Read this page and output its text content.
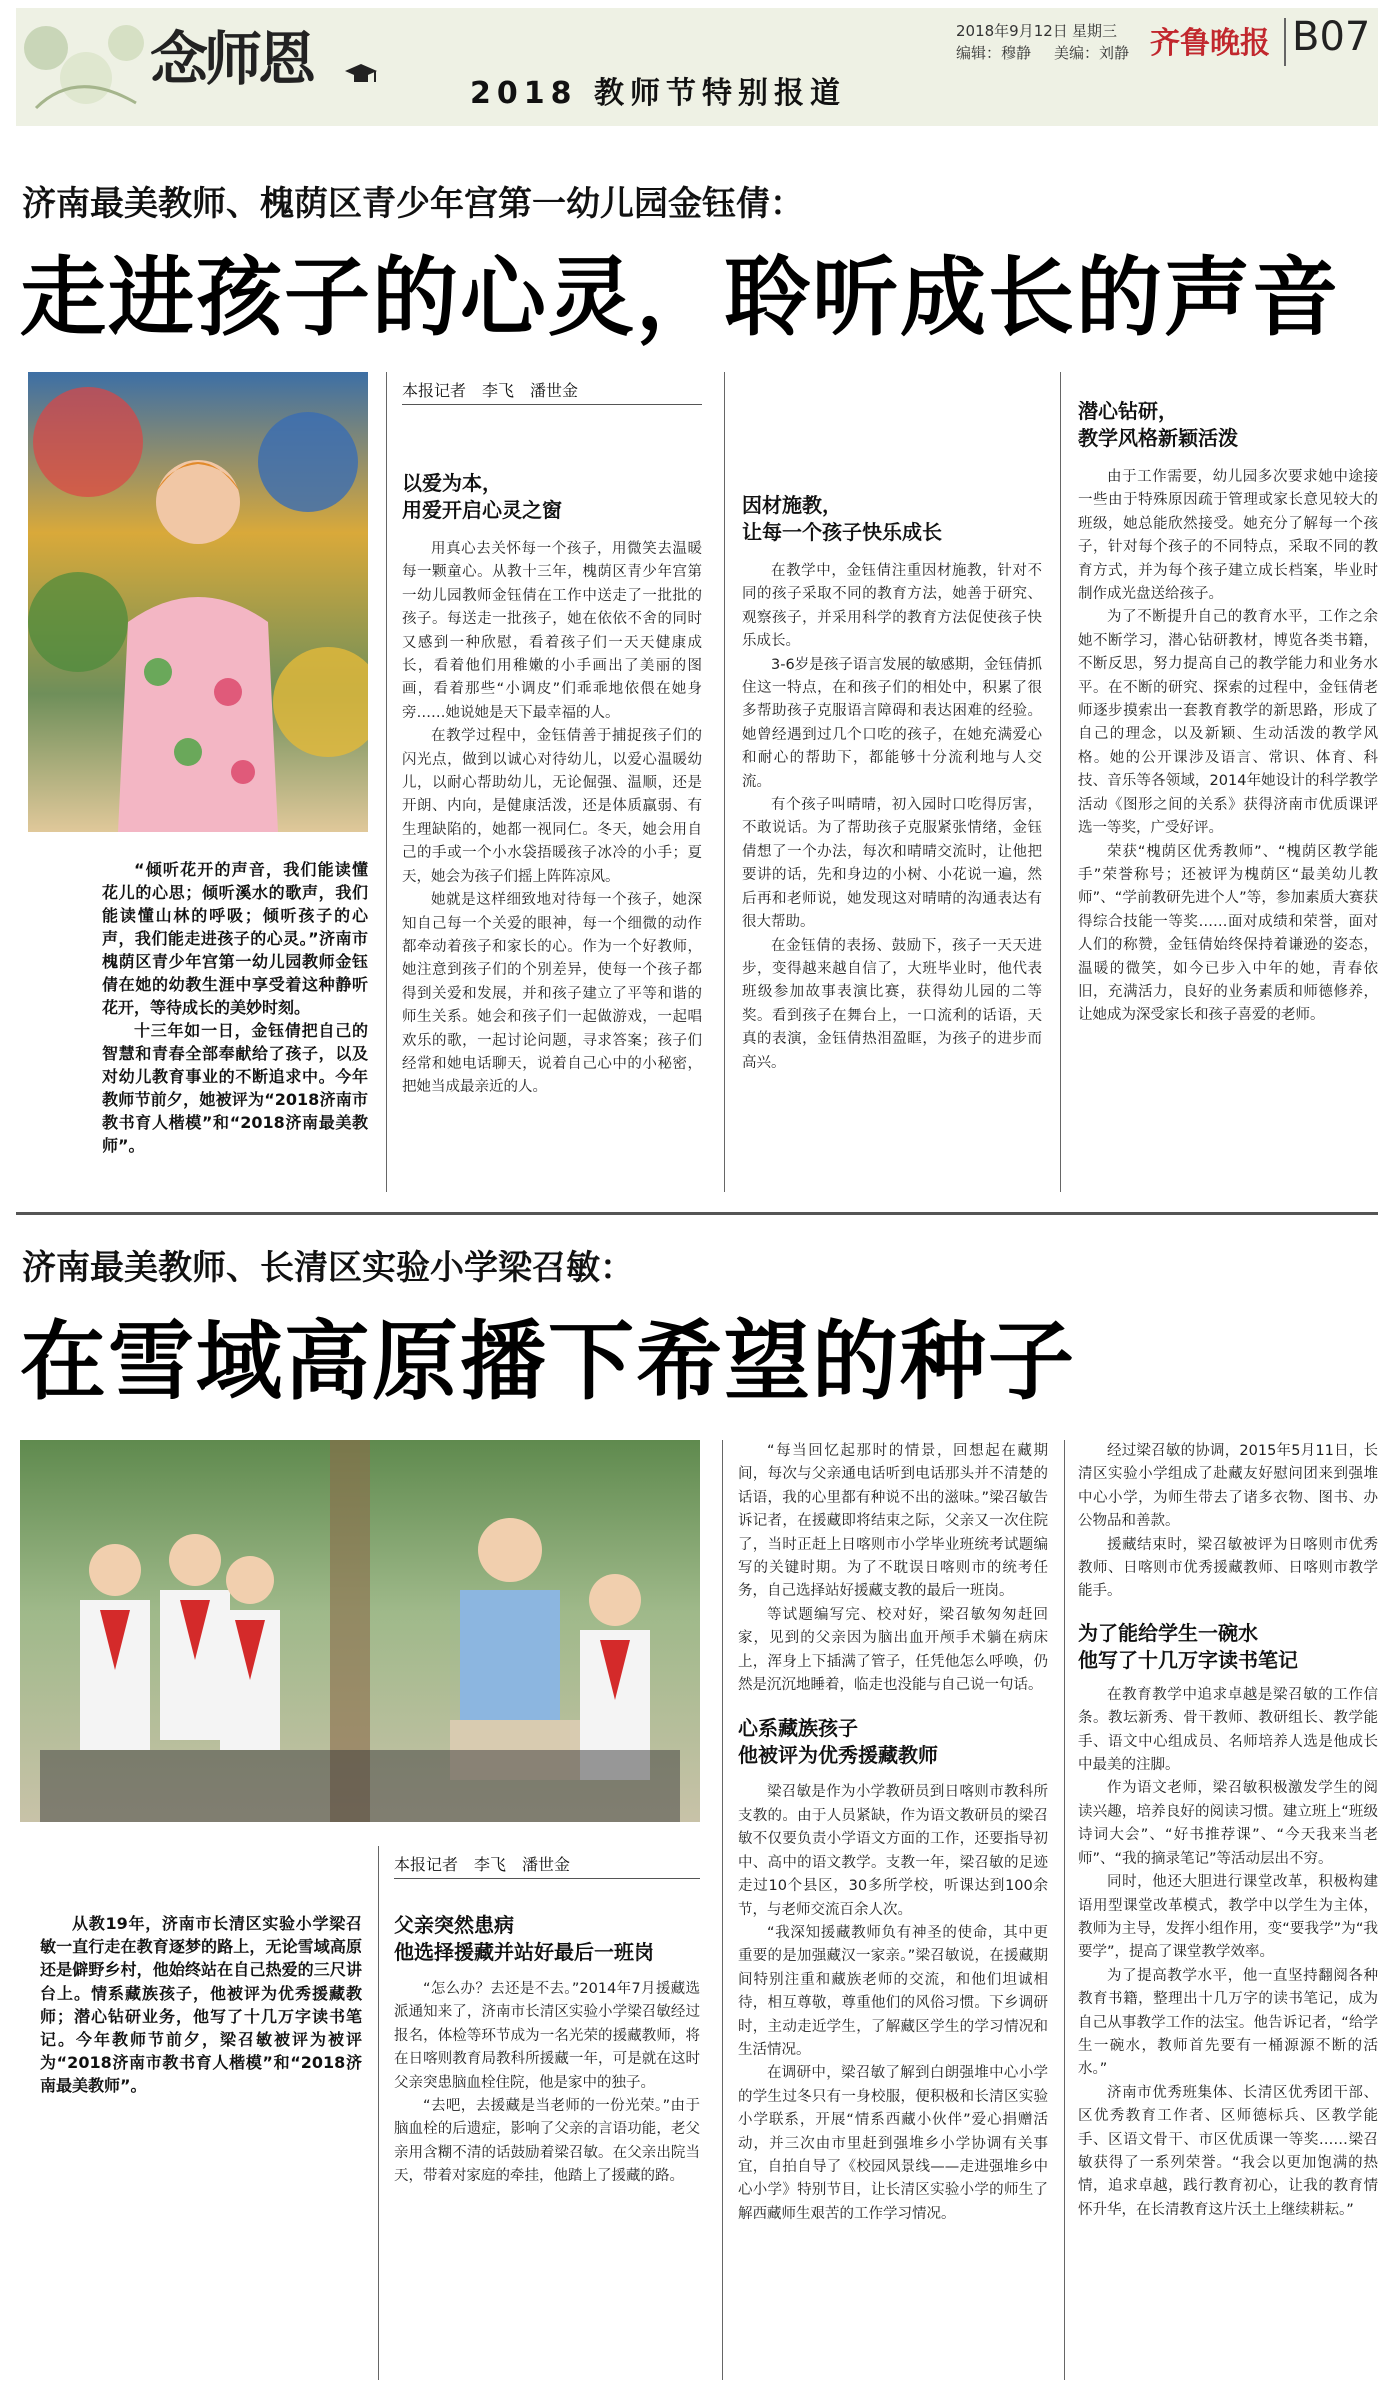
念师恩
2018 教师节特别报道
2018年9月12日 星期三
编辑：穆静 美编：刘静 齐鲁晚报 B07
济南最美教师、槐荫区青少年宫第一幼儿园金钰倩：
走进孩子的心灵，聆听成长的声音

“倾听花开的声音，我们能读懂花儿的心思；倾听溪水的歌声，我们能读懂山林的呼吸；倾听孩子的心声，我们能走进孩子的心灵。”济南市槐荫区青少年宫第一幼儿园教师金钰倩在她的幼教生涯中享受着这种静听花开，等待成长的美妙时刻。

十三年如一日，金钰倩把自己的智慧和青春全部奉献给了孩子，以及对幼儿教育事业的不断追求中。今年教师节前夕，她被评为“2018济南市教书育人楷模”和“2018济南最美教师”。

本报记者　李飞　潘世金
以爱为本，
用爱开启心灵之窗

用真心去关怀每一个孩子，用微笑去温暖每一颗童心。从教十三年，槐荫区青少年宫第一幼儿园教师金钰倩在工作中送走了一批批的孩子。每送走一批孩子，她在依依不舍的同时又感到一种欣慰，看着孩子们一天天健康成长，看着他们用稚嫩的小手画出了美丽的图画，看着那些“小调皮”们乖乖地依偎在她身旁……她说她是天下最幸福的人。

在教学过程中，金钰倩善于捕捉孩子们的闪光点，做到以诚心对待幼儿，以爱心温暖幼儿，以耐心帮助幼儿，无论倔强、温顺，还是开朗、内向，是健康活泼，还是体质羸弱、有生理缺陷的，她都一视同仁。冬天，她会用自己的手或一个小水袋捂暖孩子冰冷的小手；夏天，她会为孩子们摇上阵阵凉风。

她就是这样细致地对待每一个孩子，她深知自己每一个关爱的眼神，每一个细微的动作都牵动着孩子和家长的心。作为一个好教师，她注意到孩子们的个别差异，使每一个孩子都得到关爱和发展，并和孩子建立了平等和谐的师生关系。她会和孩子们一起做游戏，一起唱欢乐的歌，一起讨论问题，寻求答案；孩子们经常和她电话聊天，说着自己心中的小秘密，把她当成最亲近的人。

因材施教，
让每一个孩子快乐成长

在教学中，金钰倩注重因材施教，针对不同的孩子采取不同的教育方法，她善于研究、观察孩子，并采用科学的教育方法促使孩子快乐成长。

3-6岁是孩子语言发展的敏感期，金钰倩抓住这一特点，在和孩子们的相处中，积累了很多帮助孩子克服语言障碍和表达困难的经验。她曾经遇到过几个口吃的孩子，在她充满爱心和耐心的帮助下，都能够十分流利地与人交流。

有个孩子叫晴晴，初入园时口吃得厉害，不敢说话。为了帮助孩子克服紧张情绪，金钰倩想了一个办法，每次和晴晴交流时，让他把要讲的话，先和身边的小树、小花说一遍，然后再和老师说，她发现这对晴晴的沟通表达有很大帮助。

在金钰倩的表扬、鼓励下，孩子一天天进步，变得越来越自信了，大班毕业时，他代表班级参加故事表演比赛，获得幼儿园的二等奖。看到孩子在舞台上，一口流利的话语，天真的表演，金钰倩热泪盈眶，为孩子的进步而高兴。

潜心钻研，
教学风格新颖活泼

由于工作需要，幼儿园多次要求她中途接一些由于特殊原因疏于管理或家长意见较大的班级，她总能欣然接受。她充分了解每一个孩子，针对每个孩子的不同特点，采取不同的教育方式，并为每个孩子建立成长档案，毕业时制作成光盘送给孩子。

为了不断提升自己的教育水平，工作之余她不断学习，潜心钻研教材，博览各类书籍，不断反思，努力提高自己的教学能力和业务水平。在不断的研究、探索的过程中，金钰倩老师逐步摸索出一套教育教学的新思路，形成了自己的理念，以及新颖、生动活泼的教学风格。她的公开课涉及语言、常识、体育、科技、音乐等各领域，2014年她设计的科学教学活动《图形之间的关系》获得济南市优质课评选一等奖，广受好评。

荣获“槐荫区优秀教师”、“槐荫区教学能手”荣誉称号；还被评为槐荫区“最美幼儿教师”、“学前教研先进个人”等，参加素质大赛获得综合技能一等奖……面对成绩和荣誉，面对人们的称赞，金钰倩始终保持着谦逊的姿态，温暖的微笑，如今已步入中年的她，青春依旧，充满活力，良好的业务素质和师德修养，让她成为深受家长和孩子喜爱的老师。

济南最美教师、长清区实验小学梁召敏：
在雪域高原播下希望的种子
本报记者　李飞　潘世金

从教19年，济南市长清区实验小学梁召敏一直行走在教育逐梦的路上，无论雪域高原还是僻野乡村，他始终站在自己热爱的三尺讲台上。情系藏族孩子，他被评为优秀援藏教师；潜心钻研业务，他写了十几万字读书笔记。今年教师节前夕，梁召敏被评为被评为“2018济南市教书育人楷模”和“2018济南最美教师”。

父亲突然患病
他选择援藏并站好最后一班岗

“怎么办？去还是不去。”2014年7月援藏选派通知来了，济南市长清区实验小学梁召敏经过报名，体检等环节成为一名光荣的援藏教师，将在日喀则教育局教科所援藏一年，可是就在这时父亲突患脑血栓住院，他是家中的独子。

“去吧，去援藏是当老师的一份光荣。”由于脑血栓的后遗症，影响了父亲的言语功能，老父亲用含糊不清的话鼓励着梁召敏。在父亲出院当天，带着对家庭的牵挂，他踏上了援藏的路。

“每当回忆起那时的情景，回想起在藏期间，每次与父亲通电话听到电话那头并不清楚的话语，我的心里都有种说不出的滋味。”梁召敏告诉记者，在援藏即将结束之际，父亲又一次住院了，当时正赶上日喀则市小学毕业班统考试题编写的关键时期。为了不耽误日喀则市的统考任务，自己选择站好援藏支教的最后一班岗。

等试题编写完、校对好，梁召敏匆匆赶回家，见到的父亲因为脑出血开颅手术躺在病床上，浑身上下插满了管子，任凭他怎么呼唤，仍然是沉沉地睡着，临走也没能与自己说一句话。

心系藏族孩子
他被评为优秀援藏教师

梁召敏是作为小学教研员到日喀则市教科所支教的。由于人员紧缺，作为语文教研员的梁召敏不仅要负责小学语文方面的工作，还要指导初中、高中的语文教学。支教一年，梁召敏的足迹走过10个县区，30多所学校，听课达到100余节，与老师交流百余人次。

“我深知援藏教师负有神圣的使命，其中更重要的是加强藏汉一家亲。”梁召敏说，在援藏期间特别注重和藏族老师的交流，和他们坦诚相待，相互尊敬，尊重他们的风俗习惯。下乡调研时，主动走近学生，了解藏区学生的学习情况和生活情况。

在调研中，梁召敏了解到白朗强堆中心小学的学生过冬只有一身校服，便积极和长清区实验小学联系，开展“情系西藏小伙伴”爱心捐赠活动，并三次由市里赶到强堆乡小学协调有关事宜，自拍自导了《校园风景线——走进强堆乡中心小学》特别节目，让长清区实验小学的师生了解西藏师生艰苦的工作学习情况。

经过梁召敏的协调，2015年5月11日，长清区实验小学组成了赴藏友好慰问团来到强堆中心小学，为师生带去了诸多衣物、图书、办公物品和善款。

援藏结束时，梁召敏被评为日喀则市优秀教师、日喀则市优秀援藏教师、日喀则市教学能手。

为了能给学生一碗水
他写了十几万字读书笔记

在教育教学中追求卓越是梁召敏的工作信条。教坛新秀、骨干教师、教研组长、教学能手、语文中心组成员、名师培养人选是他成长中最美的注脚。

作为语文老师，梁召敏积极激发学生的阅读兴趣，培养良好的阅读习惯。建立班上“班级诗词大会”、“好书推荐课”、“今天我来当老师”、“我的摘录笔记”等活动层出不穷。

同时，他还大胆进行课堂改革，积极构建语用型课堂改革模式，教学中以学生为主体，教师为主导，发挥小组作用，变“要我学”为“我要学”，提高了课堂教学效率。

为了提高教学水平，他一直坚持翻阅各种教育书籍，整理出十几万字的读书笔记，成为自己从事教学工作的法宝。他告诉记者，“给学生一碗水，教师首先要有一桶源源不断的活水。”

济南市优秀班集体、长清区优秀团干部、区优秀教育工作者、区师德标兵、区教学能手、区语文骨干、市区优质课一等奖……梁召敏获得了一系列荣誉。“我会以更加饱满的热情，追求卓越，践行教育初心，让我的教育情怀升华，在长清教育这片沃土上继续耕耘。”
